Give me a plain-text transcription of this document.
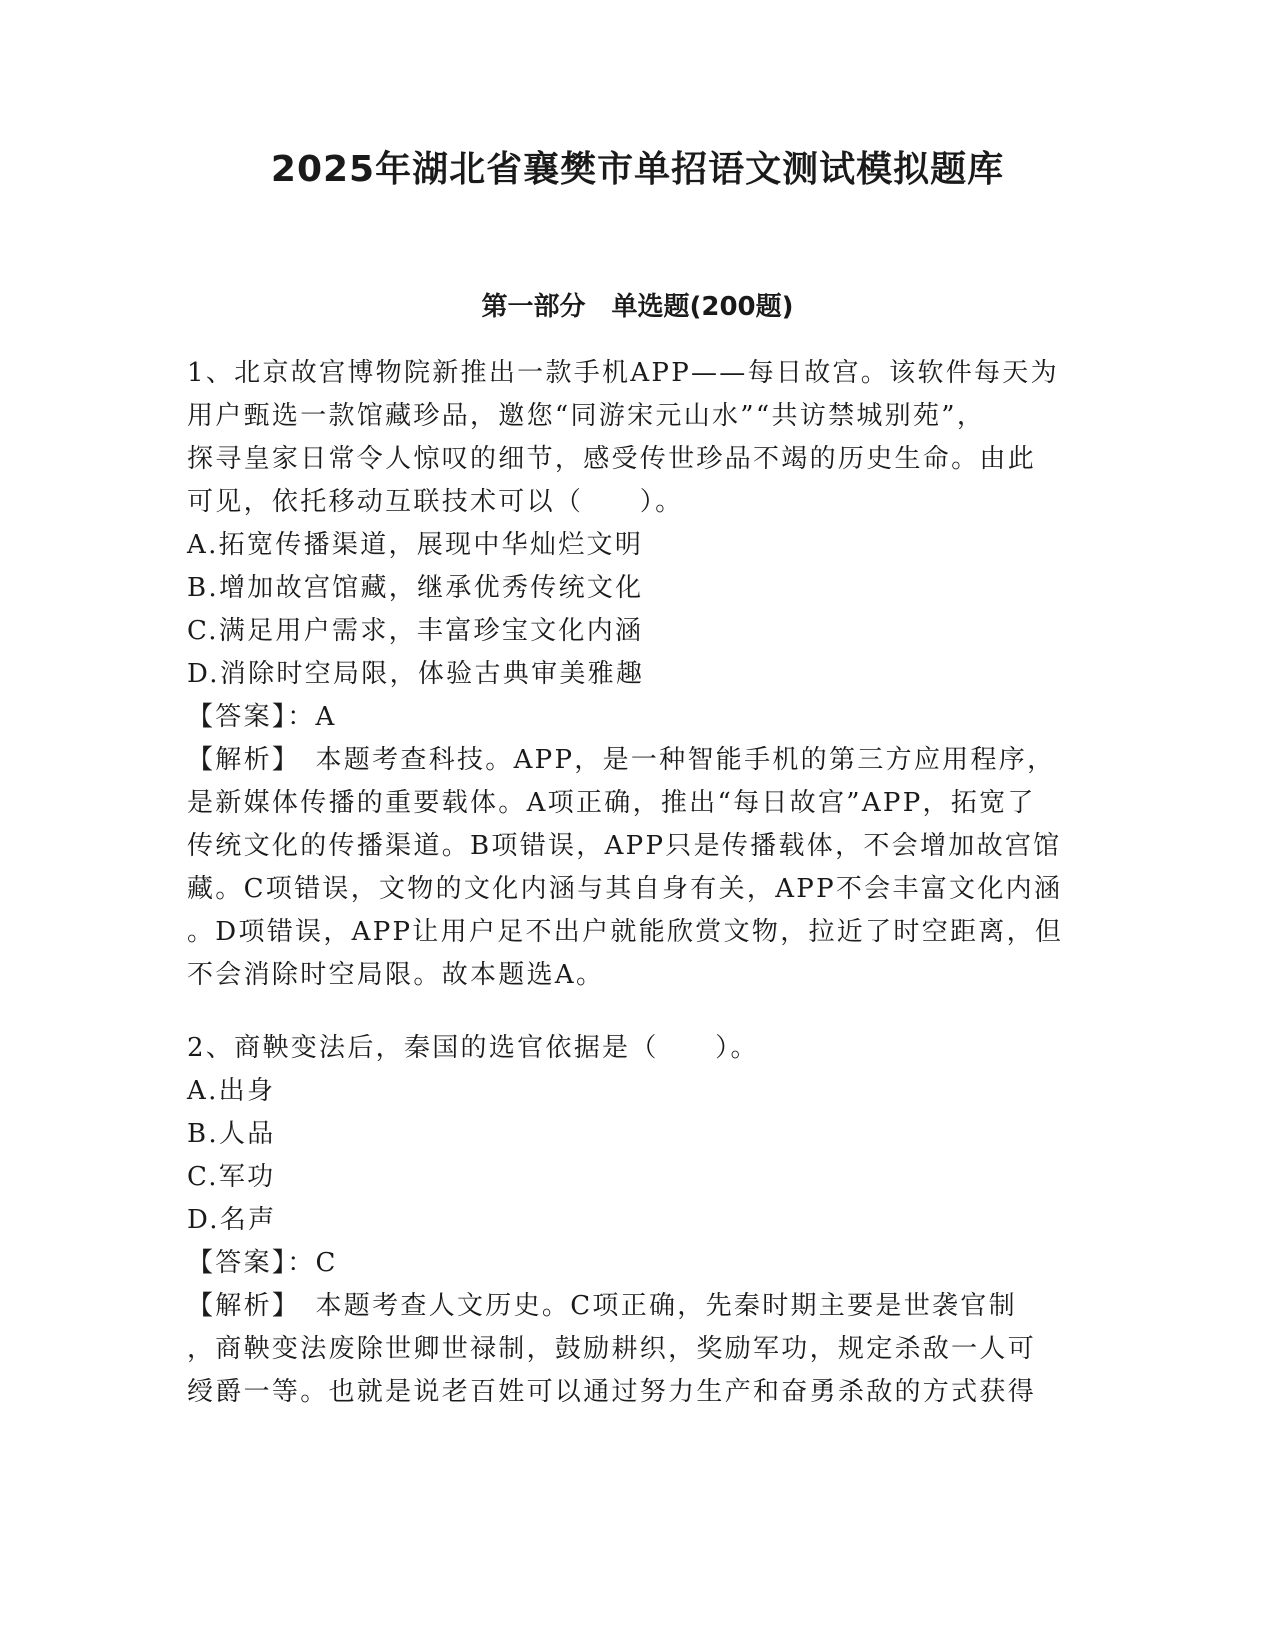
2025年湖北省襄樊市单招语文测试模拟题库
第一部分　单选题(200题)
1、北京故宫博物院新推出一款手机APP——每日故宫。该软件每天为
用户甄选一款馆藏珍品，邀您“同游宋元山水”“共访禁城别苑”，
探寻皇家日常令人惊叹的细节，感受传世珍品不竭的历史生命。由此
可见，依托移动互联技术可以（　　）。
A.拓宽传播渠道，展现中华灿烂文明
B.增加故宫馆藏，继承优秀传统文化
C.满足用户需求，丰富珍宝文化内涵
D.消除时空局限，体验古典审美雅趣
【答案】：A
【解析】　本题考查科技。APP，是一种智能手机的第三方应用程序，
是新媒体传播的重要载体。A项正确，推出“每日故宫”APP，拓宽了
传统文化的传播渠道。B项错误，APP只是传播载体，不会增加故宫馆
藏。C项错误，文物的文化内涵与其自身有关，APP不会丰富文化内涵
。D项错误，APP让用户足不出户就能欣赏文物，拉近了时空距离，但
不会消除时空局限。故本题选A。
2、商鞅变法后，秦国的选官依据是（　　）。
A.出身
B.人品
C.军功
D.名声
【答案】：C
【解析】　本题考查人文历史。C项正确，先秦时期主要是世袭官制
，商鞅变法废除世卿世禄制，鼓励耕织，奖励军功，规定杀敌一人可
绶爵一等。也就是说老百姓可以通过努力生产和奋勇杀敌的方式获得
